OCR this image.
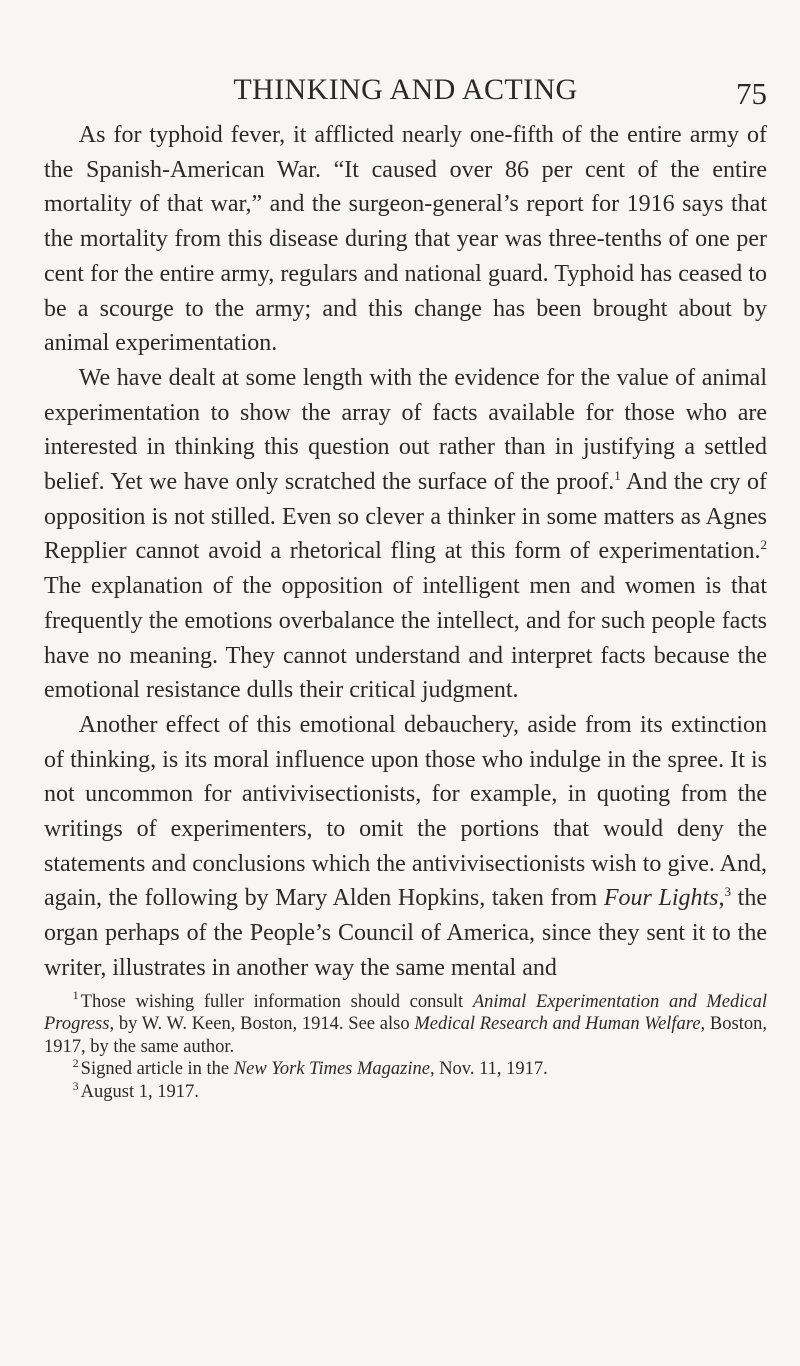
THINKING AND ACTING	75

As for typhoid fever, it afflicted nearly one-fifth of the entire army of the Spanish-American War. “It caused over 86 per cent of the entire mortality of that war,” and the surgeon-general’s report for 1916 says that the mortality from this disease during that year was three-tenths of one per cent for the entire army, regulars and national guard. Typhoid has ceased to be a scourge to the army; and this change has been brought about by animal experimentation.

We have dealt at some length with the evidence for the value of animal experimentation to show the array of facts available for those who are interested in thinking this question out rather than in justifying a settled belief. Yet we have only scratched the surface of the proof.$^1$ And the cry of opposition is not stilled. Even so clever a thinker in some matters as Agnes Repplier cannot avoid a rhetorical fling at this form of experimentation.$^2$ The explanation of the opposition of intelligent men and women is that frequently the emotions overbalance the intellect, and for such people facts have no meaning. They cannot understand and interpret facts because the emotional resistance dulls their critical judgment.

Another effect of this emotional debauchery, aside from its extinction of thinking, is its moral influence upon those who indulge in the spree. It is not uncommon for antivivisectionists, for example, in quoting from the writings of experimenters, to omit the portions that would deny the statements and conclusions which the antivivisectionists wish to give. And, again, the following by Mary Alden Hopkins, taken from Four Lights,$^3$ the organ perhaps of the People’s Council of America, since they sent it to the writer, illustrates in another way the same mental and

$^1$ Those wishing fuller information should consult Animal Experimentation and Medical Progress, by W. W. Keen, Boston, 1914. See also Medical Research and Human Welfare, Boston, 1917, by the same author.

$^2$ Signed article in the New York Times Magazine, Nov. 11, 1917.

$^3$ August 1, 1917.
